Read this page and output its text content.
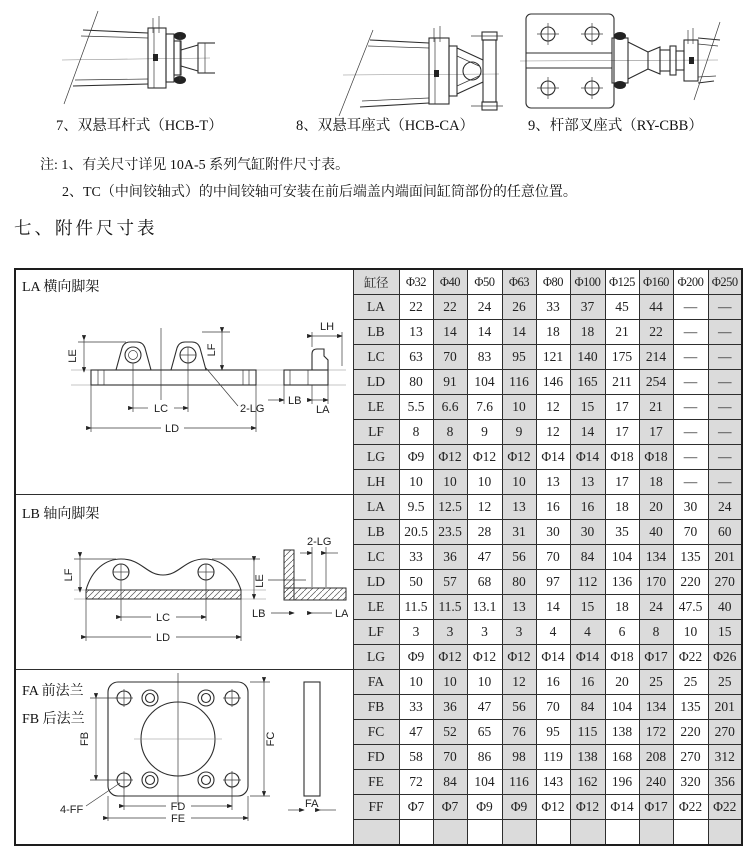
7、双悬耳杆式（HCB-T）	8、双悬耳座式（HCB-CA）	9、杆部叉座式（RY-CBB）
注: 1、有关尺寸详见 10A-5 系列气缸附件尺寸表。
2、TC（中间铰轴式）的中间铰轴可安装在前后端盖内端面间缸筒部份的任意位置。
七、附件尺寸表
	缸径	Φ32	Φ40	Φ50	Φ63	Φ80	Φ100	Φ125	Φ160	Φ200	Φ250
	LA	22	22	24	26	33	37	45	44	—	—
	LB	13	14	14	14	18	18	21	22	—	—
	LC	63	70	83	95	121	140	175	214	—	—
	LD	80	91	104	116	146	165	211	254	—	—
	LE	5.5	6.6	7.6	10	12	15	17	21	—	—
	LF	8	8	9	9	12	14	17	17	—	—
	LG	Φ9	Φ12	Φ12	Φ12	Φ14	Φ14	Φ18	Φ18	—	—
	LH	10	10	10	10	13	13	17	18	—	—
	LA	9.5	12.5	12	13	16	16	18	20	30	24
	LB	20.5	23.5	28	31	30	30	35	40	70	60
	LC	33	36	47	56	70	84	104	134	135	201
	LD	50	57	68	80	97	112	136	170	220	270
	LE	11.5	11.5	13.1	13	14	15	18	24	47.5	40
	LF	3	3	3	3	4	4	6	8	10	15
	LG	Φ9	Φ12	Φ12	Φ12	Φ14	Φ14	Φ18	Φ17	Φ22	Φ26
	FA	10	10	10	12	16	16	20	25	25	25
	FB	33	36	47	56	70	84	104	134	135	201
	FC	47	52	65	76	95	115	138	172	220	270
	FD	58	70	86	98	119	138	168	208	270	312
	FE	72	84	104	116	143	162	196	240	320	356
	FF	Φ7	Φ7	Φ9	Φ9	Φ12	Φ12	Φ14	Φ17	Φ22	Φ22

LA 横向脚架
LE	LF
LC
LD
2-LG
LH
LB
LA
LB 轴向脚架
LF	LE
LC
LD
2-LG
LB	LA
FA 前法兰
FB 后法兰
FB	FC
FD
FE
4-FF	FA
